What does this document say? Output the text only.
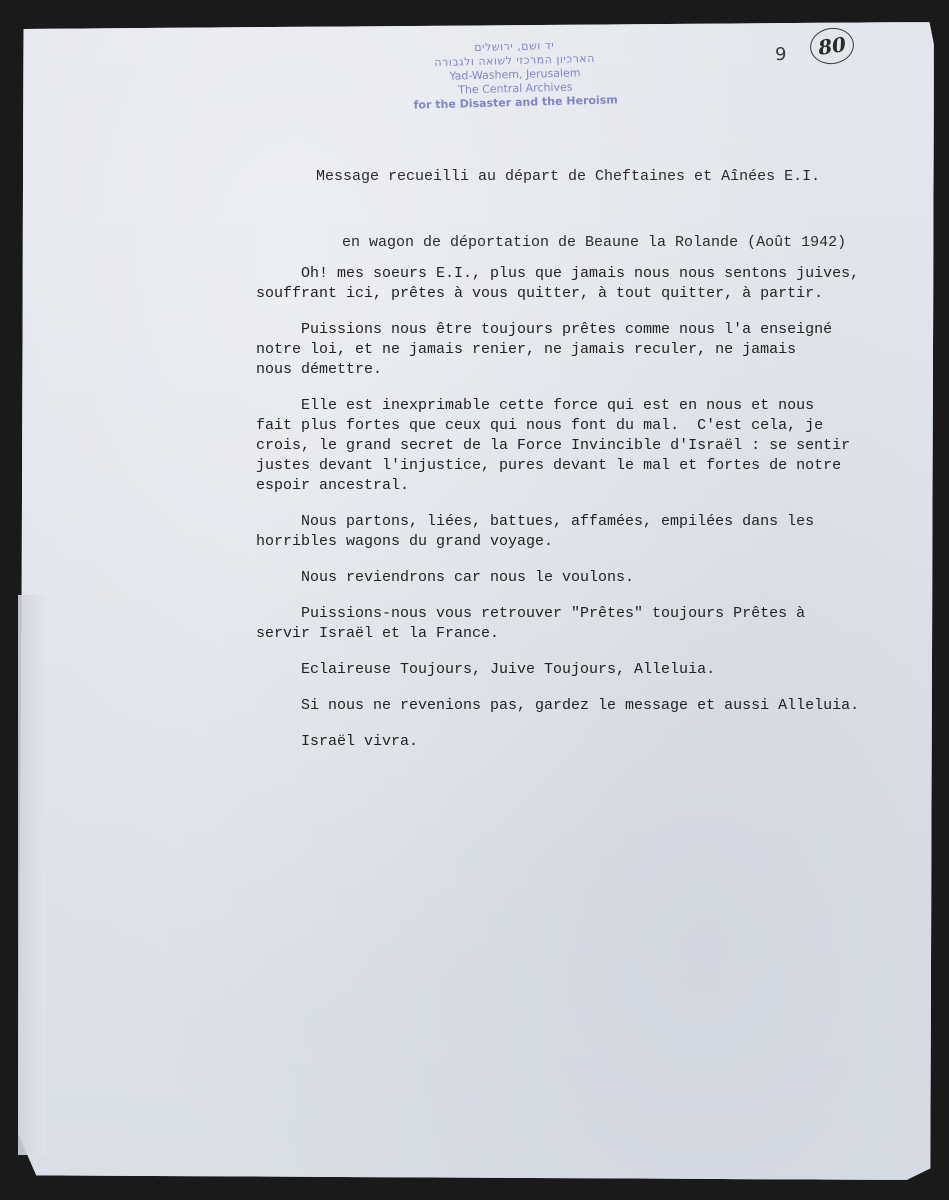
יד ושם, ירושלים
הארכיון המרכזי לשואה ולגבורה
Yad-Washem, Jerusalem
The Central Archives
for the Disaster and the Heroism
9	80

Message recueilli au départ de Cheftaines et Aînées E.I.

en wagon de déportation de Beaune la Rolande (Août 1942)

Oh! mes soeurs E.I., plus que jamais nous nous sentons juives,
souffrant ici, prêtes à vous quitter, à tout quitter, à partir.
Puissions nous être toujours prêtes comme nous l'a enseigné
notre loi, et ne jamais renier, ne jamais reculer, ne jamais
nous démettre.
Elle est inexprimable cette force qui est en nous et nous
fait plus fortes que ceux qui nous font du mal.  C'est cela, je
crois, le grand secret de la Force Invincible d'Israël : se sentir
justes devant l'injustice, pures devant le mal et fortes de notre
espoir ancestral.
Nous partons, liées, battues, affamées, empilées dans les
horribles wagons du grand voyage.
Nous reviendrons car nous le voulons.
Puissions-nous vous retrouver "Prêtes" toujours Prêtes à
servir Israël et la France.
Eclaireuse Toujours, Juive Toujours, Alleluia.
Si nous ne revenions pas, gardez le message et aussi Alleluia.
Israël vivra.
